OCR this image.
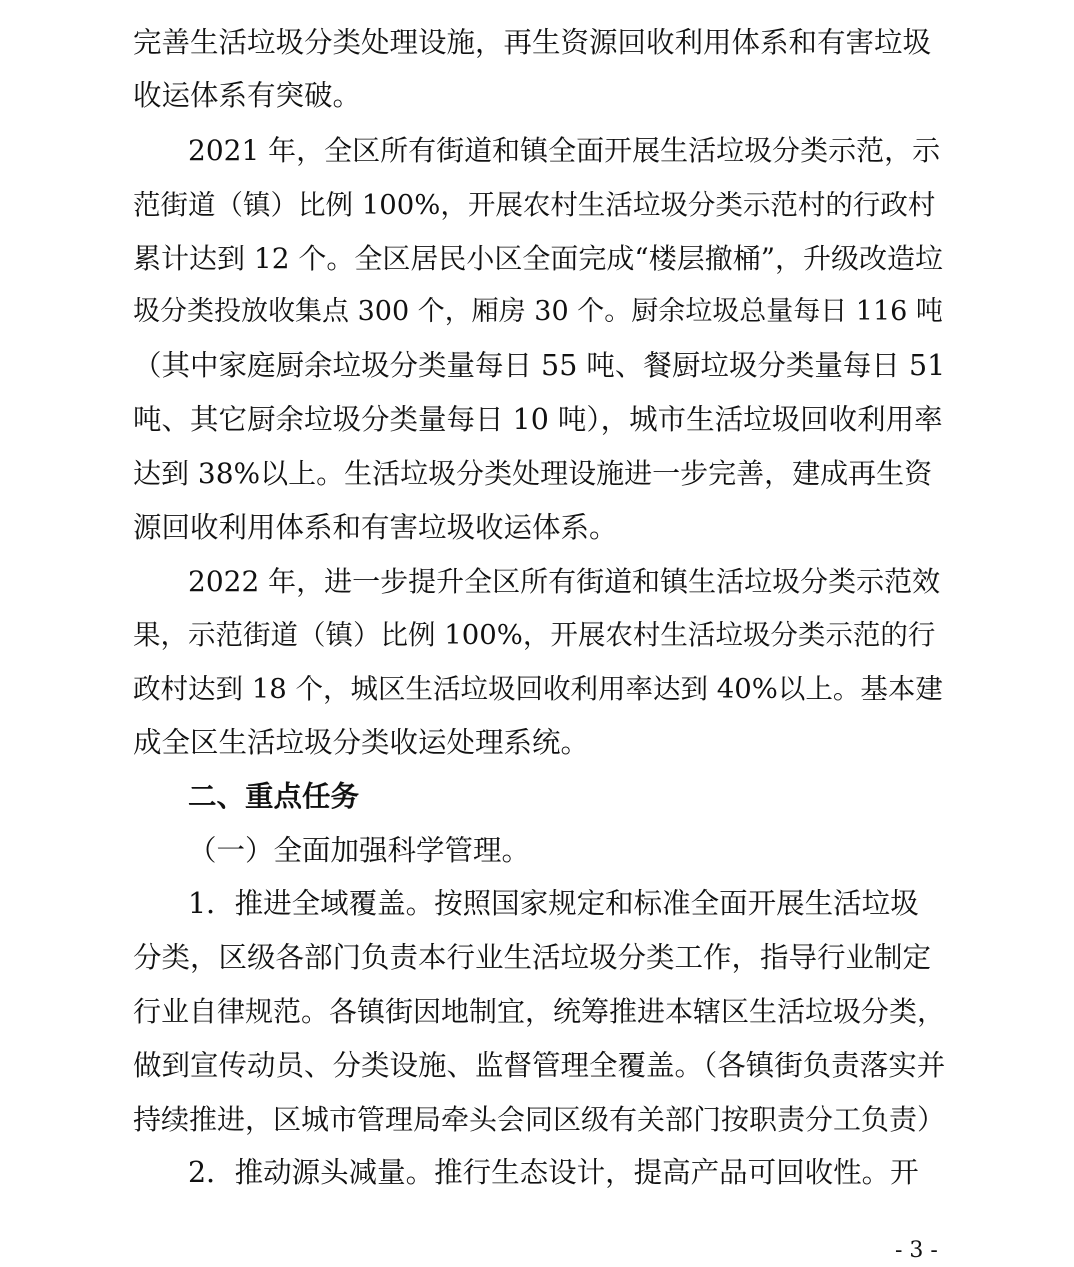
完善生活垃圾分类处理设施，再生资源回收利用体系和有害垃圾
收运体系有突破。
2021 年，全区所有街道和镇全面开展生活垃圾分类示范，示
范街道（镇）比例 100%，开展农村生活垃圾分类示范村的行政村
累计达到 12 个。全区居民小区全面完成“楼层撤桶”，升级改造垃
圾分类投放收集点 300 个，厢房 30 个。厨余垃圾总量每日 116 吨
（其中家庭厨余垃圾分类量每日 55 吨、餐厨垃圾分类量每日 51
吨、其它厨余垃圾分类量每日 10 吨），城市生活垃圾回收利用率
达到 38%以上。生活垃圾分类处理设施进一步完善，建成再生资
源回收利用体系和有害垃圾收运体系。
2022 年，进一步提升全区所有街道和镇生活垃圾分类示范效
果，示范街道（镇）比例 100%，开展农村生活垃圾分类示范的行
政村达到 18 个，城区生活垃圾回收利用率达到 40%以上。基本建
成全区生活垃圾分类收运处理系统。
二、重点任务
（一）全面加强科学管理。
1．推进全域覆盖。按照国家规定和标准全面开展生活垃圾
分类，区级各部门负责本行业生活垃圾分类工作，指导行业制定
行业自律规范。各镇街因地制宜，统筹推进本辖区生活垃圾分类，
做到宣传动员、分类设施、监督管理全覆盖。（各镇街负责落实并
持续推进，区城市管理局牵头会同区级有关部门按职责分工负责）
2．推动源头减量。推行生态设计，提高产品可回收性。开
- 3 -
